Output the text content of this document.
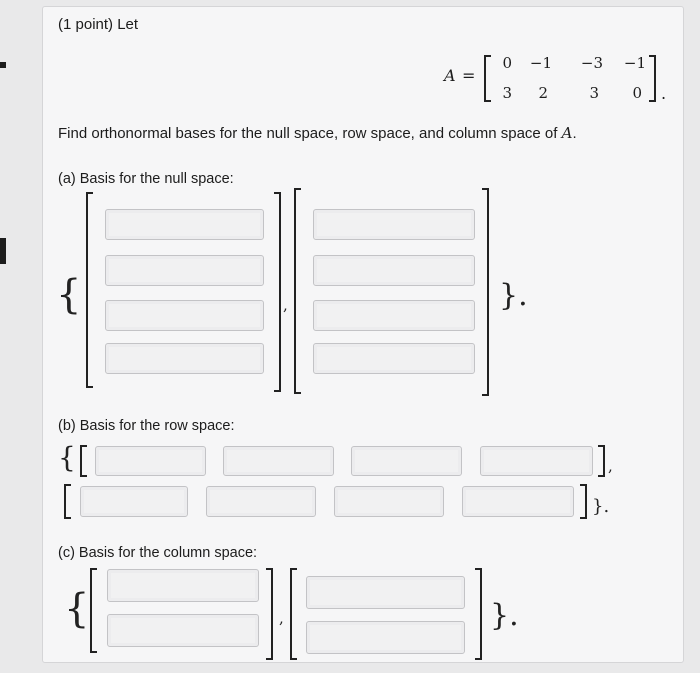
(1 point) Let
A =
0	−1	−3	−1
3	2	3	0 .
Find orthonormal bases for the null space, row space, and column space of A.
(a) Basis for the null space:
{	,	}.
(b) Basis for the row space:
{	,
}.
(c) Basis for the column space:
{	,	}.
